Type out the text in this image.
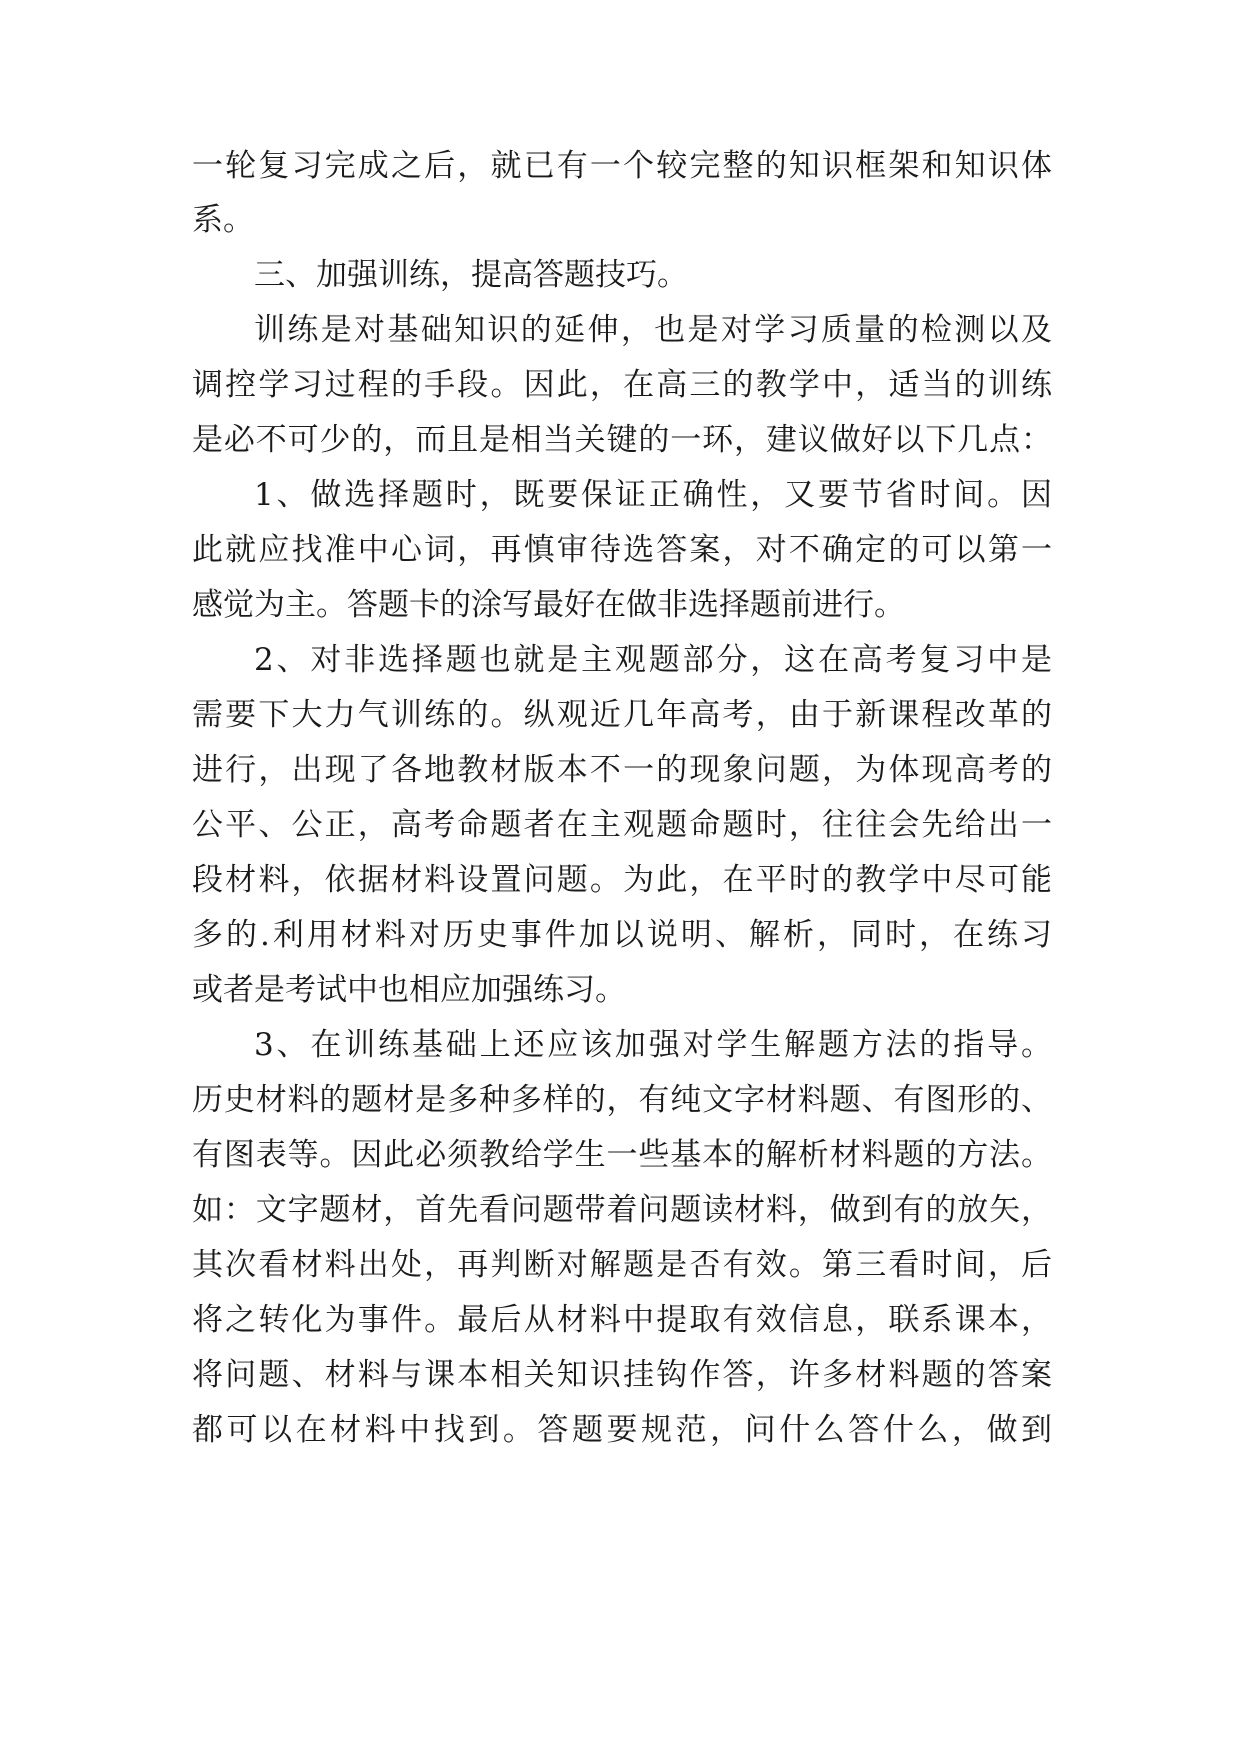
一轮复习完成之后，就已有一个较完整的知识框架和知识体
系。
三、加强训练，提高答题技巧。
训练是对基础知识的延伸，也是对学习质量的检测以及
调控学习过程的手段。因此，在高三的教学中，适当的训练
是必不可少的，而且是相当关键的一环，建议做好以下几点：
1、做选择题时，既要保证正确性，又要节省时间。因
此就应找准中心词，再慎审待选答案，对不确定的可以第一
感觉为主。答题卡的涂写最好在做非选择题前进行。
2、对非选择题也就是主观题部分，这在高考复习中是
需要下大力气训练的。纵观近几年高考，由于新课程改革的
进行，出现了各地教材版本不一的现象问题，为体现高考的
公平、公正，高考命题者在主观题命题时，往往会先给出一
段材料，依据材料设置问题。为此，在平时的教学中尽可能
多的.利用材料对历史事件加以说明、解析，同时，在练习
或者是考试中也相应加强练习。
3、在训练基础上还应该加强对学生解题方法的指导。
历史材料的题材是多种多样的，有纯文字材料题、有图形的、
有图表等。因此必须教给学生一些基本的解析材料题的方法。
如：文字题材，首先看问题带着问题读材料，做到有的放矢，
其次看材料出处，再判断对解题是否有效。第三看时间，后
将之转化为事件。最后从材料中提取有效信息，联系课本，
将问题、材料与课本相关知识挂钩作答，许多材料题的答案
都可以在材料中找到。答题要规范，问什么答什么，做到
